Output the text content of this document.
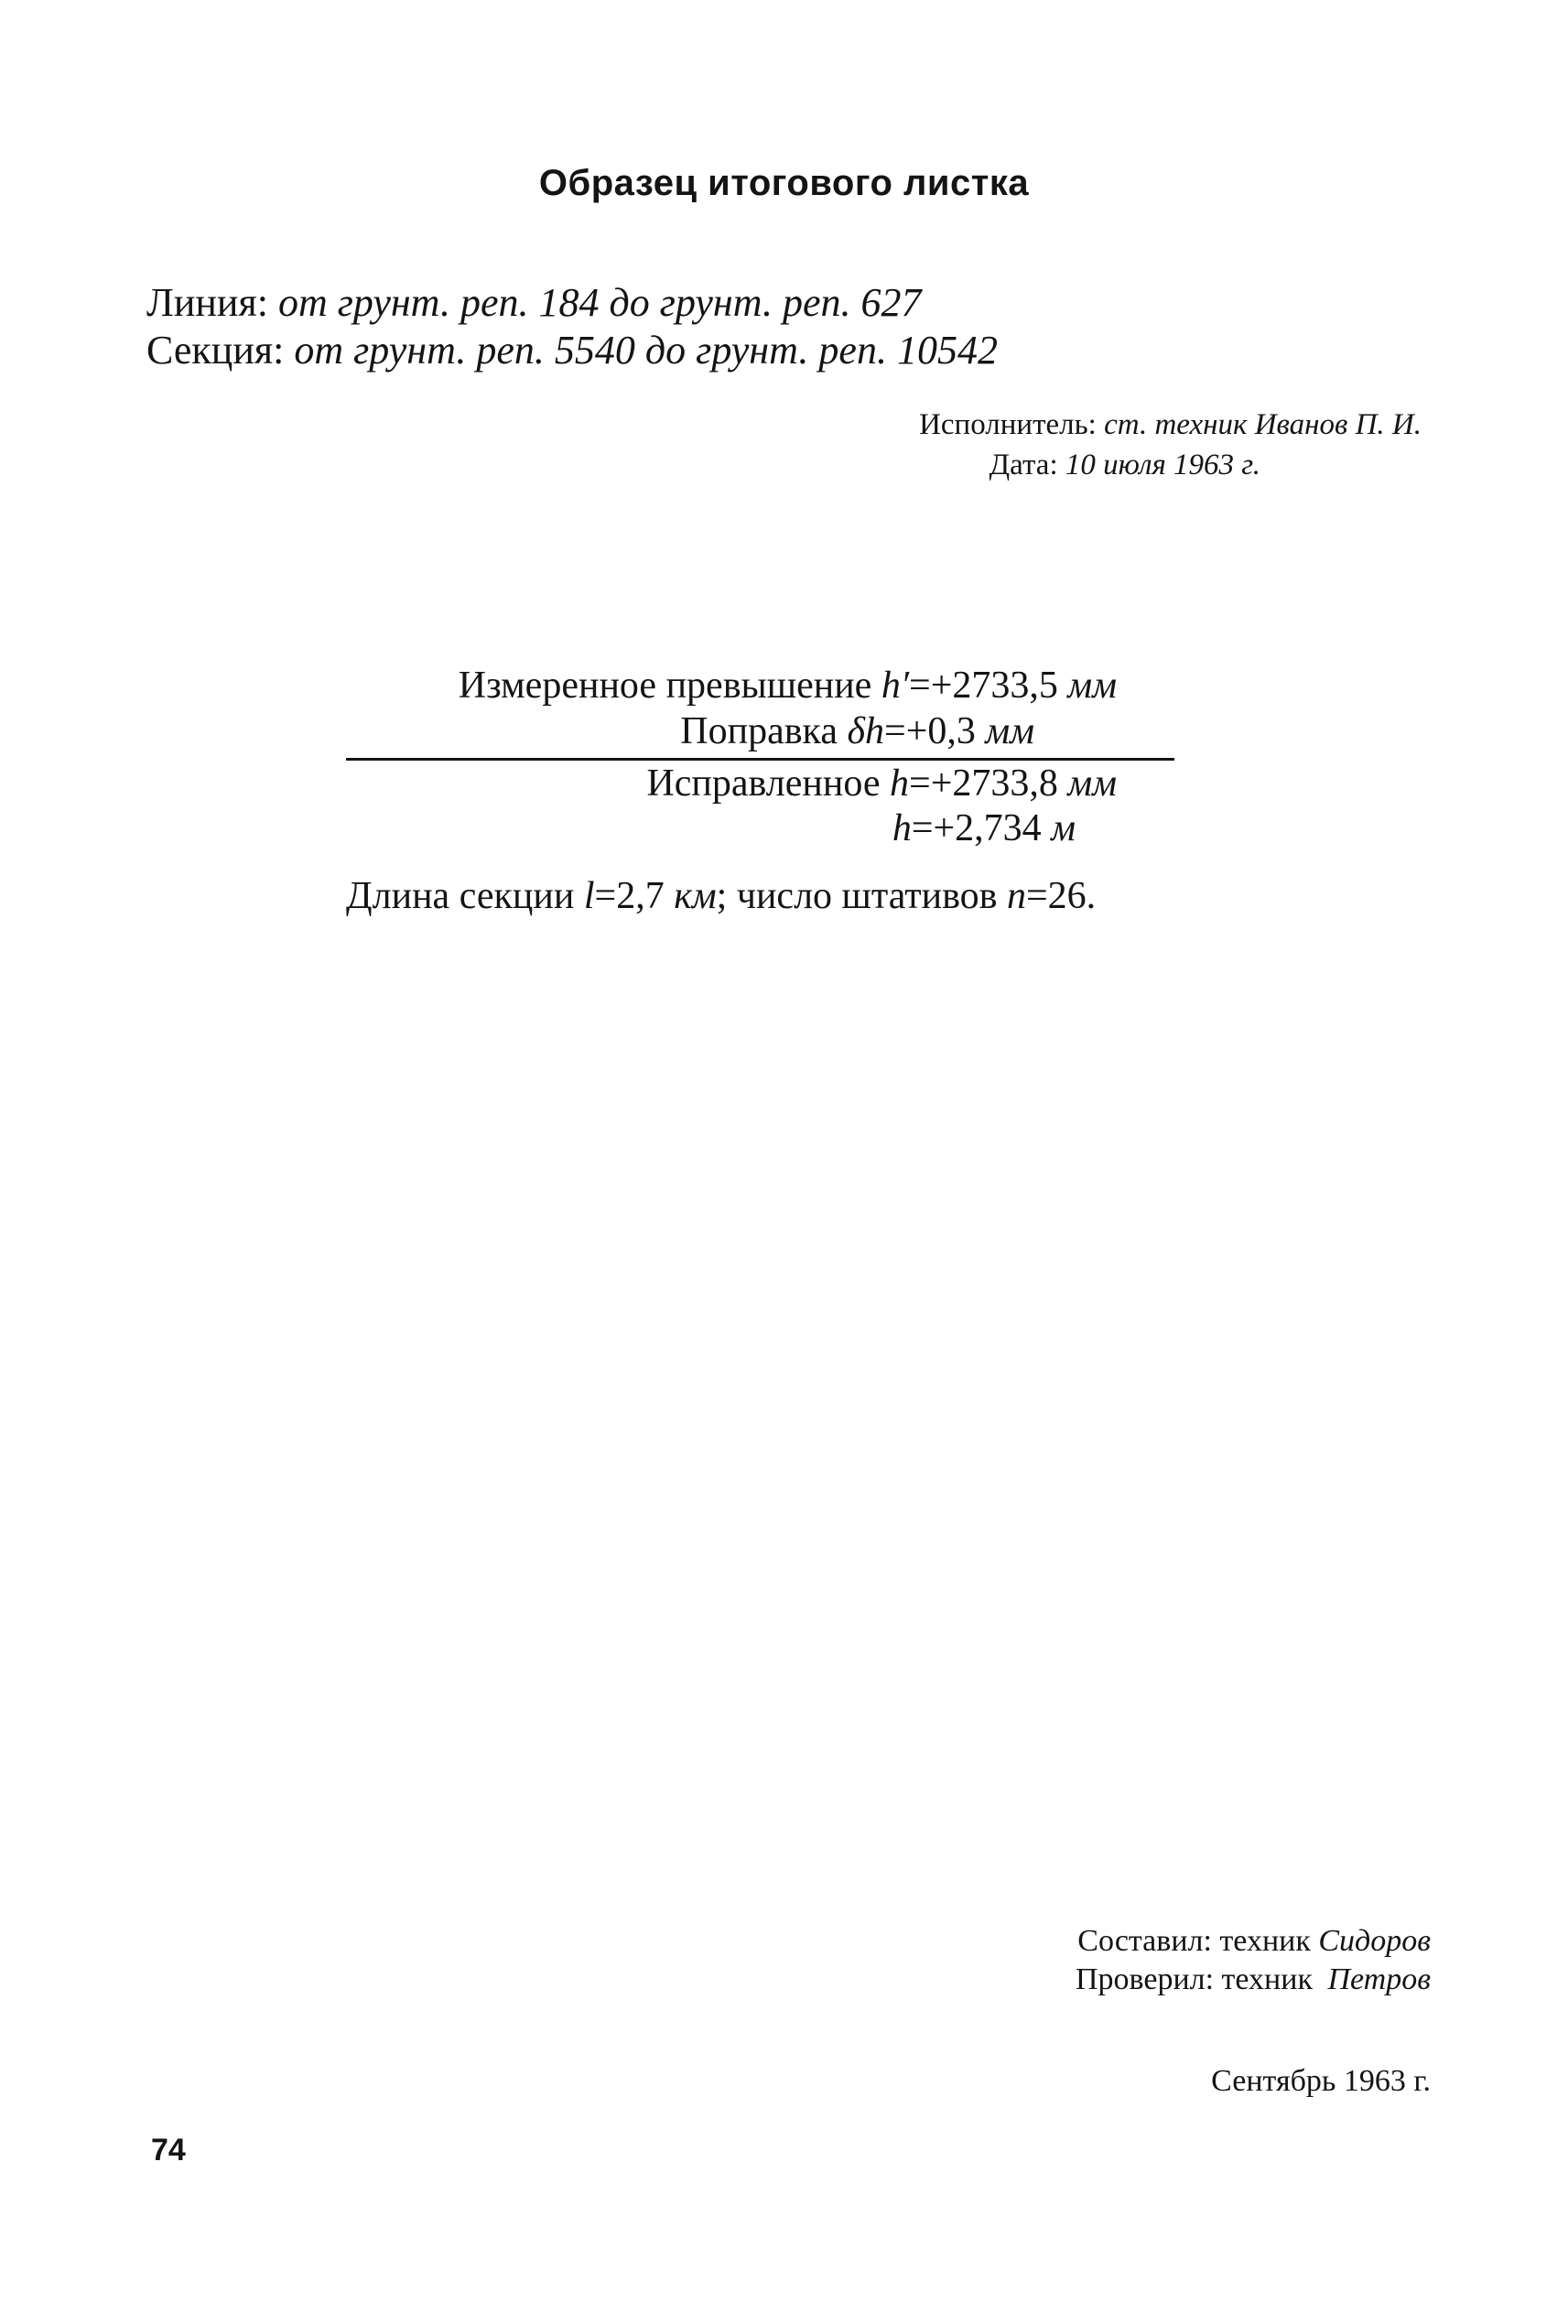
Образец итогового листка
Линия: от грунт. реп. 184 до грунт. реп. 627
Секция: от грунт. реп. 5540 до грунт. реп. 10542
Исполнитель: ст. техник Иванов П. И.
Дата: 10 июля 1963 г.
Измеренное превышение h′=+2733,5 мм
Поправка δh=+0,3 мм
Исправленное h=+2733,8 мм
h=+2,734 м
Длина секции l=2,7 км; число штативов n=26.
Составил: техник Сидоров
Проверил: техник Петров
Сентябрь 1963 г.
74
